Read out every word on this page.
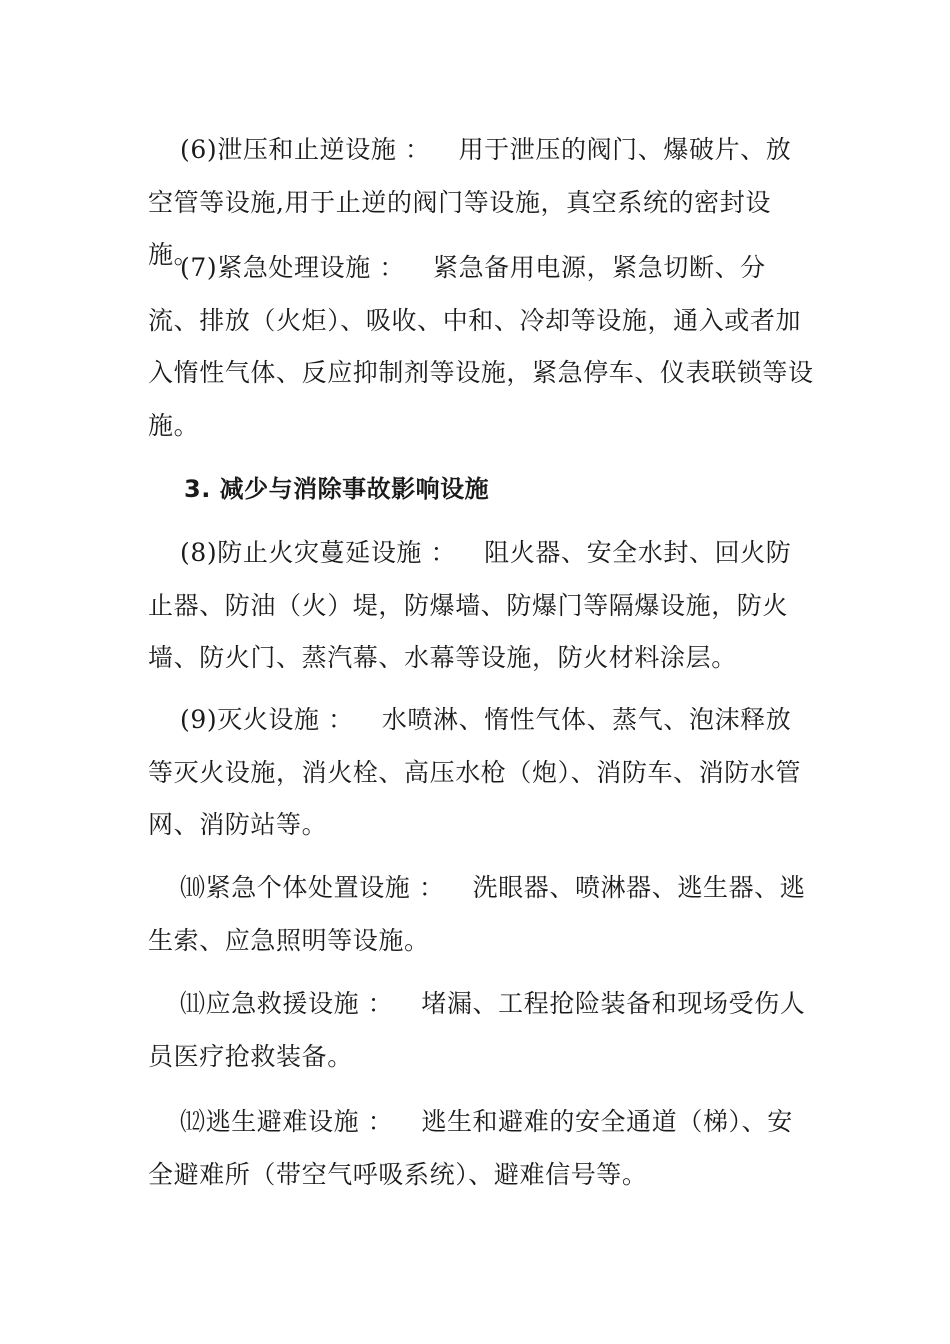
(6)泄压和止逆设施 ： 用于泄压的阀门、爆破片、放空管等设施,用于止逆的阀门等设施，真空系统的密封设施。

(7)紧急处理设施 ： 紧急备用电源，紧急切断、分流、排放（火炬）、吸收、中和、冷却等设施，通入或者加入惰性气体、反应抑制剂等设施，紧急停车、仪表联锁等设施。

3. 减少与消除事故影响设施

(8)防止火灾蔓延设施 ： 阻火器、安全水封、回火防止器、防油（火）堤，防爆墙、防爆门等隔爆设施，防火墙、防火门、蒸汽幕、水幕等设施，防火材料涂层。

(9)灭火设施 ： 水喷淋、惰性气体、蒸气、泡沫释放等灭火设施，消火栓、高压水枪（炮）、消防车、消防水管网、消防站等。

⑽紧急个体处置设施 ： 洗眼器、喷淋器、逃生器、逃生索、应急照明等设施。

⑾应急救援设施 ： 堵漏、工程抢险装备和现场受伤人员医疗抢救装备。

⑿逃生避难设施 ： 逃生和避难的安全通道（梯）、安全避难所（带空气呼吸系统）、避难信号等。
